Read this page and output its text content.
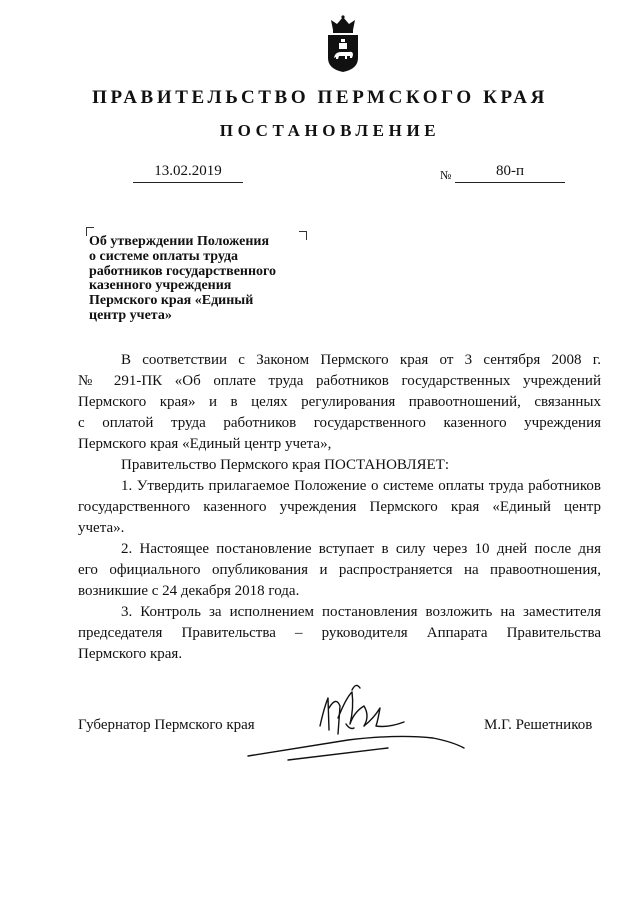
ПРАВИТЕЛЬСТВО ПЕРМСКОГО КРАЯ
ПОСТАНОВЛЕНИЕ
13.02.2019	№	80-п
Об утверждении Положения
о системе оплаты труда
работников государственного
казенного учреждения
Пермского края «Единый
центр учета»
В соответствии с Законом Пермского края от 3 сентября 2008 г.
№ 291-ПК «Об оплате труда работников государственных учреждений
Пермского края» и в целях регулирования правоотношений, связанных
с оплатой труда работников государственного казенного учреждения
Пермского края «Единый центр учета»,
Правительство Пермского края ПОСТАНОВЛЯЕТ:
1. Утвердить прилагаемое Положение о системе оплаты труда работников
государственного казенного учреждения Пермского края «Единый центр
учета».
2. Настоящее постановление вступает в силу через 10 дней после дня
его официального опубликования и распространяется на правоотношения,
возникшие с 24 декабря 2018 года.
3. Контроль за исполнением постановления возложить на заместителя
председателя Правительства – руководителя Аппарата Правительства
Пермского края.
Губернатор Пермского края	М.Г. Решетников
